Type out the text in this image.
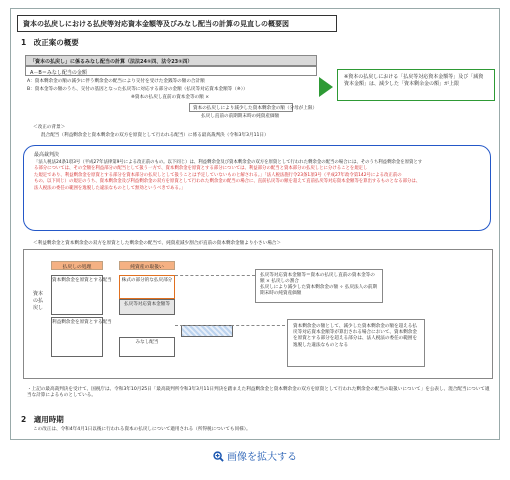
資本の払戻しにおける払戻等対応資本金額等及びみなし配当の計算の見直しの概要図
1　改正案の概要
「資本の払戻し」に係るみなし配当の計算（法法24①四、法令23①四）
A－B＝みなし配当の金額
A：資本剰余金の額の減少に伴う剰余金の配当により交付を受けた金銭等の額の合計額
B：資本金等の額のうち、交付の基因となった払戻等に対応する部分の金額（払戻等対応資本金額等（※））
※資本の払戻し直前の資本金等の額 ×
資本の払戻しにより減少した資本剰余金の額（分母が上限）
払戻し直前の前期期末時の純資産価額
※資本の払戻しにおける「払戻等対応資本金額等」及び「減資資本金額」は、減少した「資本剰余金の額」が上限
＜改正の背景＞
混合配当（利益剰余金と資本剰余金の双方を原資として行われる配当）に係る最高裁判決（令和3年3月11日）
最高裁判決
「法人税法24条1項3号（平成27年法律第9号による改正前のもの。以下同じ）は、利益剰余金及び資本剰余金の双方を原資として行われた剰余金の配当の場合には、そのうち利益剰余金を原資とす
る部分については、その全額を利益部分の配当として扱う一方で、資本剰余金を原資とする部分については、利益部分の配当と資本部分の払戻しとに分けることを規定し
た規定であり、利益剰余金を原資とする部分を資本部分の払戻しとして扱うことは予定していないものと解される。」「法人税法施行令23条1項3号（平成27年政令第142号による改正前の
もの。以下同じ）の規定のうち、資本剰余金及び利益剰余金の双方を原資として行われた剰余金の配当の場合に、直前払戻等の額を超えて直前払戻等対応資本金額等を算出するものとなる部分は、
法人税法の委任の範囲を逸脱した違法なものとして無効というべきである。」
＜利益剰余金と資本剰余金の双方を原資とした剰余金の配当で、純資産減少割合が直前の資本剰余金額より小さい場合＞
資本の払戻し
払戻しの処理	純資産の取扱い
資本剰余金を原資とする配当
利益剰余金を原資とする配当
株式の部分的な払戻部分
払戻等対応資本金額等
みなし配当
払戻等対応資本金額等＝資本の払戻し直前の資本金等の額 × 払戻しの割合
払戻しにより減少した資本剰余金の額 ÷ 払戻法人の前期期末時の純資産価額
資本剰余金の額として、減少した資本剰余金の額を超える払戻等対応資本金額等が算出される場合において、資本剰余金を原資とする部分を超える部分は、法人税法の委任の範囲を逸脱した違法なものとなる
・上記の最高裁判決を受けて、国税庁は、令和3年10月25日「最高裁判所令和3年3月11日判決を踏まえた利益剰余金と資本剰余金の双方を原資として行われた剰余金の配当の取扱いについて」を公表し、混合配当について適当な計算によるものとしている。
2　適用時期
この改正は、令和4年4月1日以後に行われる資本の払戻しについて適用される（所得税についても同様）。
画像を拡大する
